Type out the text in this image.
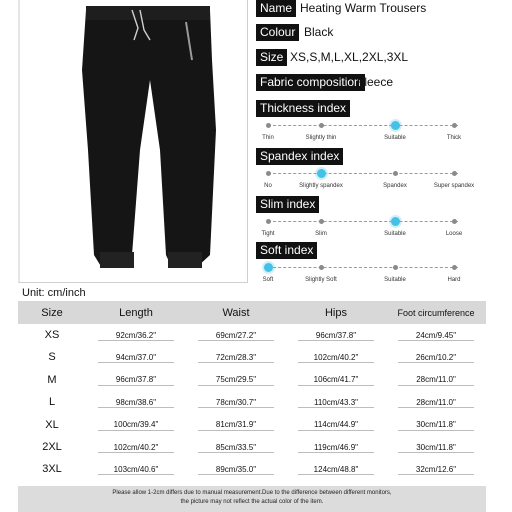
Name Heating Warm Trousers
Colour Black
Size XS,S,M,L,XL,2XL,3XL
Fabric composition
Fleece
Thickness index
Thin	Slightly thin	Suitable	Thick
Spandex index
No	Slightly spandex	Spandex	Super spandex
Slim index
Tight	Slim	Suitable	Loose
Soft index
Soft	Slightly Soft	Suitable	Hard
Unit: cm/inch
Size	Length	Waist	Hips	Foot circumference
XS	92cm/36.2"	69cm/27.2"	96cm/37.8"	24cm/9.45"
S	94cm/37.0"	72cm/28.3"	102cm/40.2"	26cm/10.2"
M	96cm/37.8"	75cm/29.5"	106cm/41.7"	28cm/11.0"
L	98cm/38.6"	78cm/30.7"	110cm/43.3"	28cm/11.0"
XL	100cm/39.4"	81cm/31.9"	114cm/44.9"	30cm/11.8"
2XL	102cm/40.2"	85cm/33.5"	119cm/46.9"	30cm/11.8"
3XL	103cm/40.6"	89cm/35.0"	124cm/48.8"	32cm/12.6"
Please allow 1-2cm differs due to manual measurement.Due to the difference between different monitors,
the picture may not reflect the actual color of the item.
